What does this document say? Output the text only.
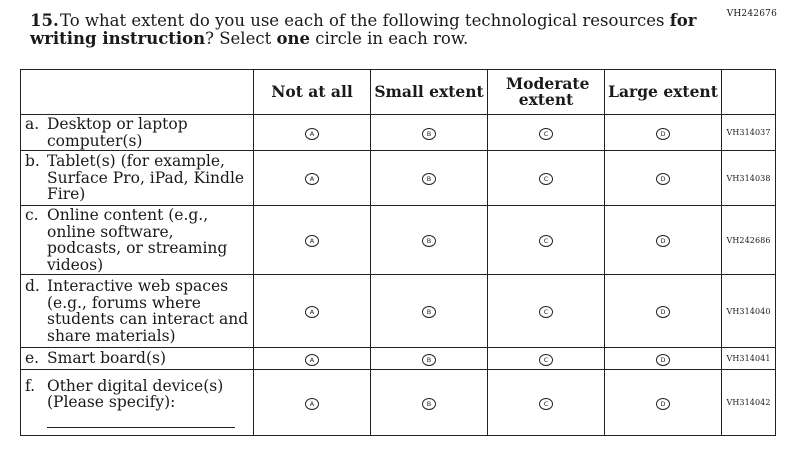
VH242676
15.To what extent do you use each of the following technological resources for writing instruction? Select one circle in each row.
	Not at all	Small extent	Moderate extent	Large extent	

a. Desktop or laptop computer(s)	A	B	C	D	VH314037

b. Tablet(s) (for example, Surface Pro, iPad, Kindle Fire)	A	B	C	D	VH314038

c. Online content (e.g., online software, podcasts, or streaming videos)	A	B	C	D	VH242686

d. Interactive web spaces (e.g., forums where students can interact and share materials)	A	B	C	D	VH314040

e. Smart board(s)	A	B	C	D	VH314041

f. Other digital device(s) (Please specify):	A	B	C	D	VH314042
